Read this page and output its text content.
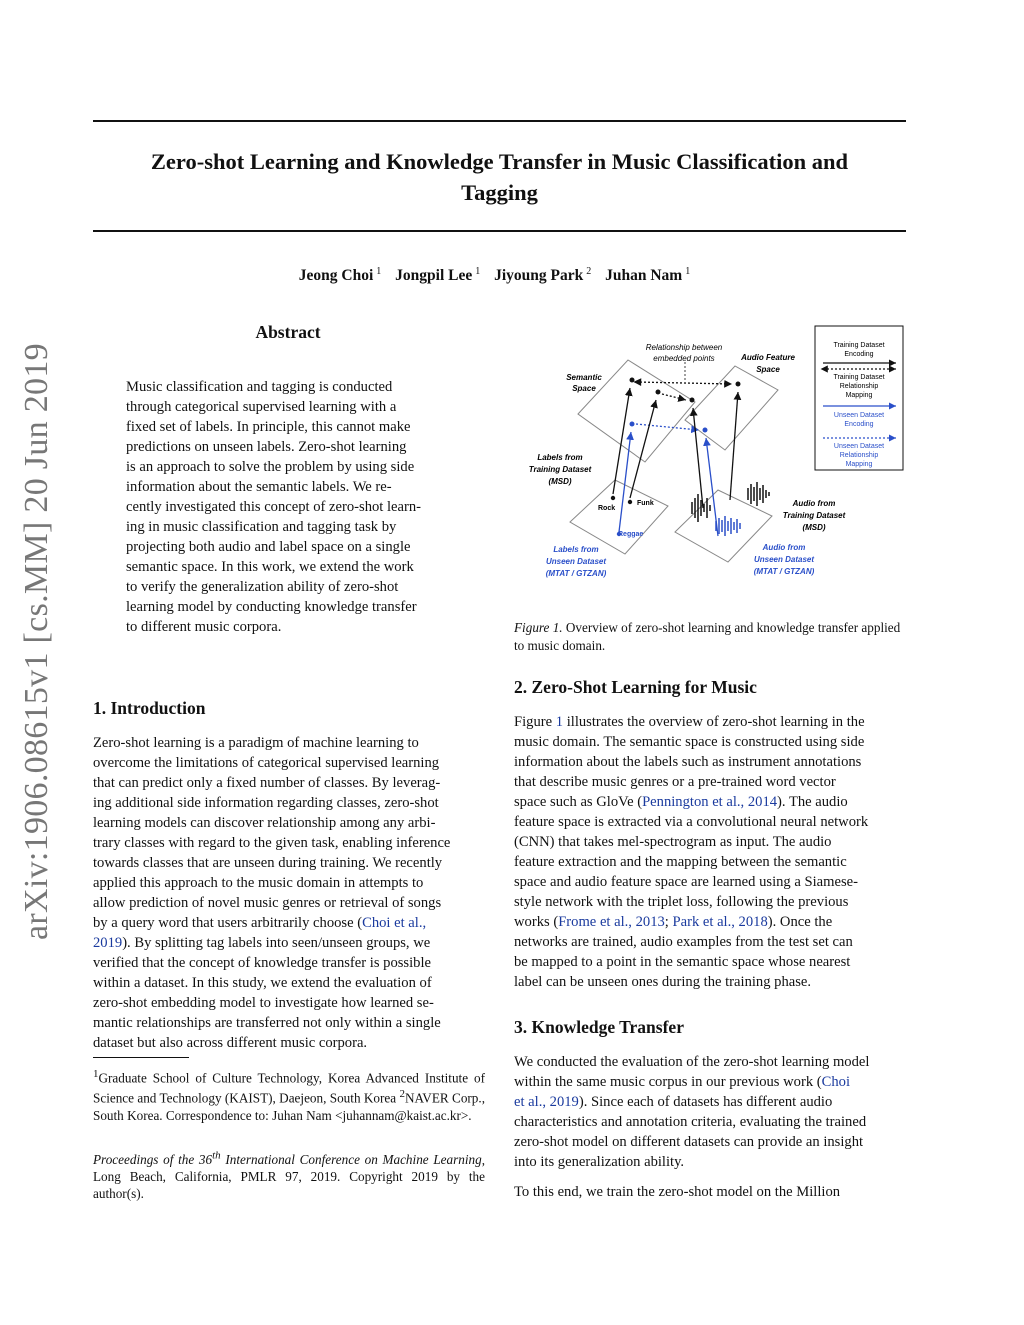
arXiv:1906.08615v1 [cs.MM] 20 Jun 2019
Zero-shot Learning and Knowledge Transfer in Music Classification and
Tagging
Jeong Choi $^1$ Jongpil Lee $^1$ Jiyoung Park $^2$ Juhan Nam $^1$
Abstract
Music classification and tagging is conducted
through categorical supervised learning with a
fixed set of labels. In principle, this cannot make
predictions on unseen labels. Zero-shot learning
is an approach to solve the problem by using side
information about the semantic labels. We re-
cently investigated this concept of zero-shot learn-
ing in music classification and tagging task by
projecting both audio and label space on a single
semantic space. In this work, we extend the work
to verify the generalization ability of zero-shot
learning model by conducting knowledge transfer
to different music corpora.
1. Introduction
Zero-shot learning is a paradigm of machine learning to
overcome the limitations of categorical supervised learning
that can predict only a fixed number of classes. By leverag-
ing additional side information regarding classes, zero-shot
learning models can discover relationship among any arbi-
trary classes with regard to the given task, enabling inference
towards classes that are unseen during training. We recently
applied this approach to the music domain in attempts to
allow prediction of novel music genres or retrieval of songs
by a query word that users arbitrarily choose (Choi et al.,
2019). By splitting tag labels into seen/unseen groups, we
verified that the concept of knowledge transfer is possible
within a dataset. In this study, we extend the evaluation of
zero-shot embedding model to investigate how learned se-
mantic relationships are transferred not only within a single
dataset but also across different music corpora.
$^1$Graduate School of Culture Technology, Korea Advanced Institute of Science and Technology (KAIST), Daejeon, South Korea $^2$NAVER Corp., South Korea. Correspondence to: Juhan Nam <juhannam@kaist.ac.kr>.
Proceedings of the 36th International Conference on Machine Learning, Long Beach, California, PMLR 97, 2019. Copyright 2019 by the author(s).
Rock
Funk
Reggae
Relationship between
embedded points
Semantic
Space
Audio Feature
Space
Labels from
Training Dataset
(MSD)
Labels from
Unseen Dataset
(MTAT / GTZAN)
Audio from
Training Dataset
(MSD)
Audio from
Unseen Dataset
(MTAT / GTZAN)
Training Dataset
Encoding
Training Dataset
Relationship
Mapping
Unseen Dataset
Encoding
Unseen Dataset
Relationship
Mapping
Figure 1. Overview of zero-shot learning and knowledge transfer applied to music domain.
2. Zero-Shot Learning for Music
Figure 1 illustrates the overview of zero-shot learning in the
music domain. The semantic space is constructed using side
information about the labels such as instrument annotations
that describe music genres or a pre-trained word vector
space such as GloVe (Pennington et al., 2014). The audio
feature space is extracted via a convolutional neural network
(CNN) that takes mel-spectrogram as input. The audio
feature extraction and the mapping between the semantic
space and audio feature space are learned using a Siamese-
style network with the triplet loss, following the previous
works (Frome et al., 2013; Park et al., 2018). Once the
networks are trained, audio examples from the test set can
be mapped to a point in the semantic space whose nearest
label can be unseen ones during the training phase.
3. Knowledge Transfer
We conducted the evaluation of the zero-shot learning model
within the same music corpus in our previous work (Choi
et al., 2019). Since each of datasets has different audio
characteristics and annotation criteria, evaluating the trained
zero-shot model on different datasets can provide an insight
into its generalization ability.
To this end, we train the zero-shot model on the Million
